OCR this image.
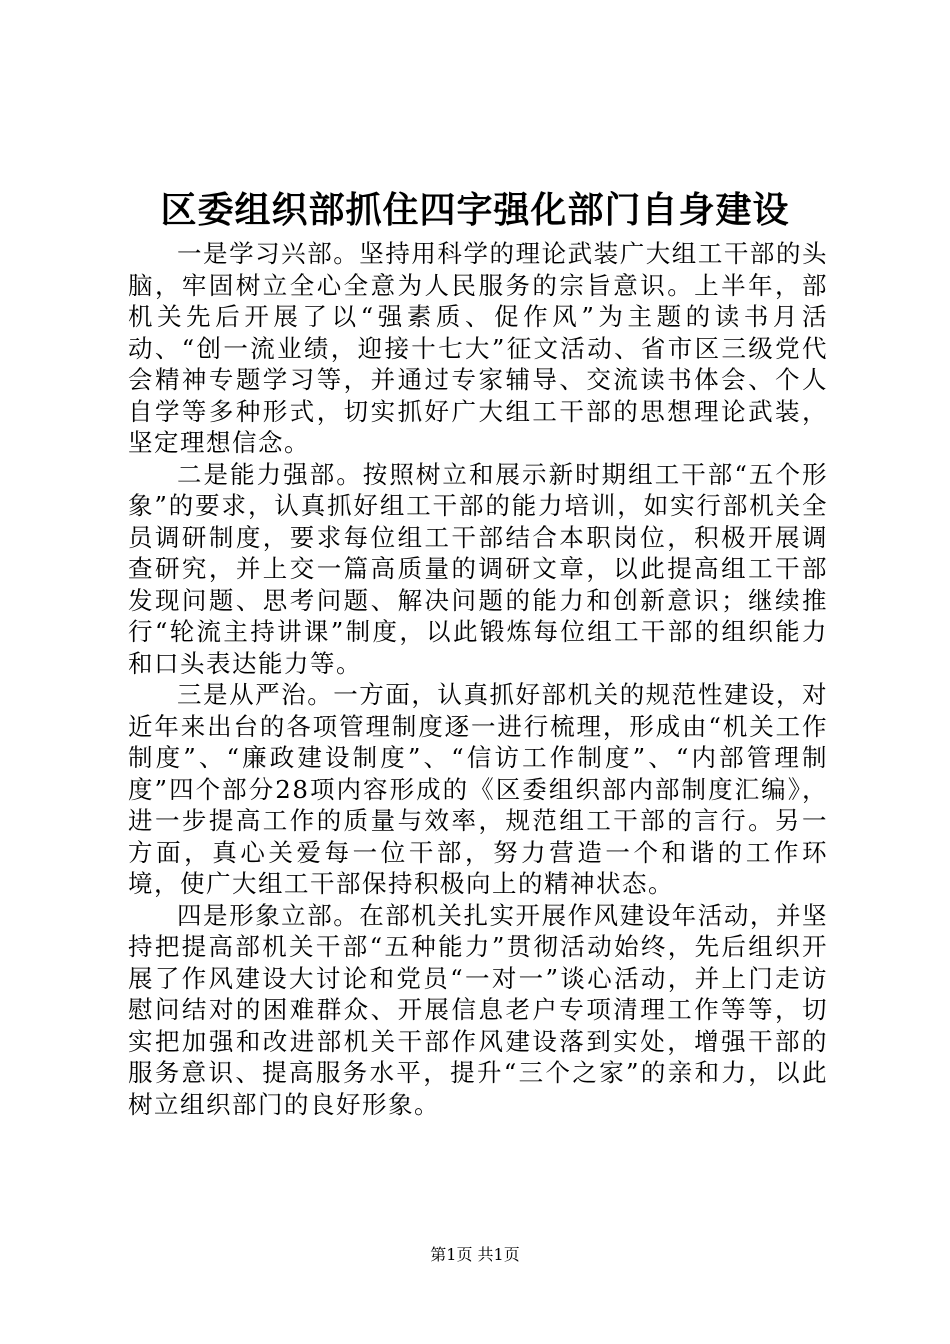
区委组织部抓住四字强化部门自身建设

一是学习兴部。坚持用科学的理论武装广大组工干部的头脑，牢固树立全心全意为人民服务的宗旨意识。上半年，部机关先后开展了以“强素质、促作风”为主题的读书月活动、“创一流业绩，迎接十七大”征文活动、省市区三级党代会精神专题学习等，并通过专家辅导、交流读书体会、个人自学等多种形式，切实抓好广大组工干部的思想理论武装，坚定理想信念。

二是能力强部。按照树立和展示新时期组工干部“五个形象”的要求，认真抓好组工干部的能力培训，如实行部机关全员调研制度，要求每位组工干部结合本职岗位，积极开展调查研究，并上交一篇高质量的调研文章，以此提高组工干部发现问题、思考问题、解决问题的能力和创新意识；继续推行“轮流主持讲课”制度，以此锻炼每位组工干部的组织能力和口头表达能力等。

三是从严治。一方面，认真抓好部机关的规范性建设，对近年来出台的各项管理制度逐一进行梳理，形成由“机关工作制度”、“廉政建设制度”、“信访工作制度”、“内部管理制度”四个部分28项内容形成的《区委组织部内部制度汇编》，进一步提高工作的质量与效率，规范组工干部的言行。另一方面，真心关爱每一位干部，努力营造一个和谐的工作环境，使广大组工干部保持积极向上的精神状态。

四是形象立部。在部机关扎实开展作风建设年活动，并坚持把提高部机关干部“五种能力”贯彻活动始终，先后组织开展了作风建设大讨论和党员“一对一”谈心活动，并上门走访慰问结对的困难群众、开展信息老户专项清理工作等等，切实把加强和改进部机关干部作风建设落到实处，增强干部的服务意识、提高服务水平，提升“三个之家”的亲和力，以此树立组织部门的良好形象。

第1页 共1页
